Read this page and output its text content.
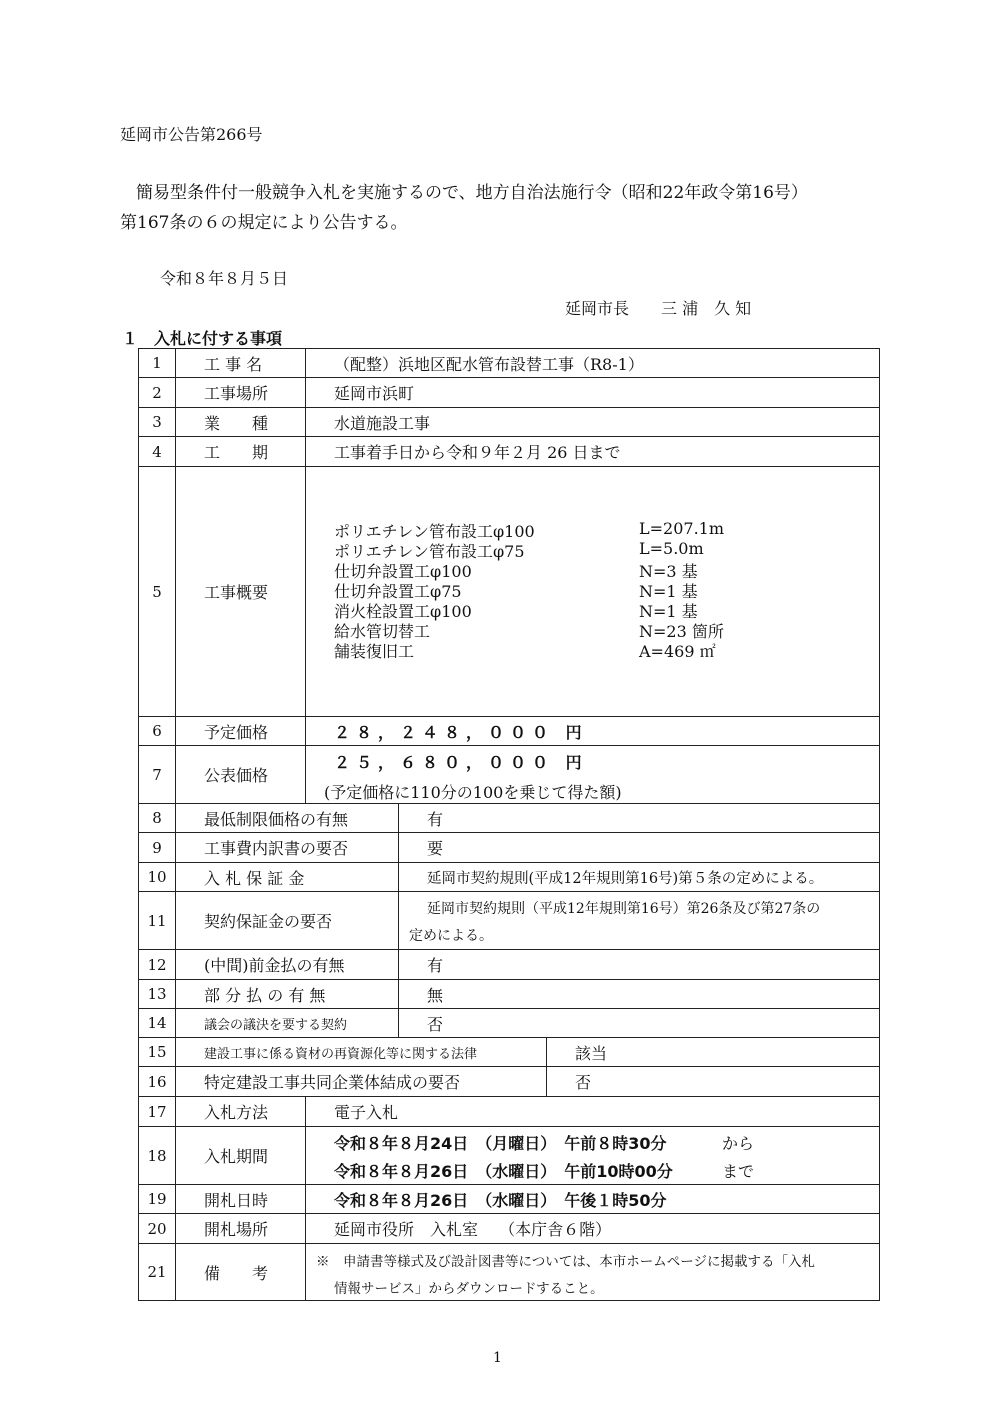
延岡市公告第266号
簡易型条件付一般競争入札を実施するので、地方自治法施行令（昭和22年政令第16号）
第167条の６の規定により公告する。
令和８年８月５日
延岡市長　　三 浦　久 知
１　入札に付する事項
1	工 事 名	（配整）浜地区配水管布設替工事（R8-1）
2	工事場所	延岡市浜町
3	業　　種	水道施設工事
4	工　　期	工事着手日から令和９年２月 26 日まで
5	工事概要
ポリエチレン管布設工φ100	L=207.1m
ポリエチレン管布設工φ75	L=5.0m
仕切弁設置工φ100	N=3 基
仕切弁設置工φ75	N=1 基
消火栓設置工φ100	N=1 基
給水管切替工	N=23 箇所
舗装復旧工	A=469 ㎡
6	予定価格	２８，２４８，０００ 円
7	公表価格
２５，６８０，０００ 円
(予定価格に110分の100を乗じて得た額)
8	最低制限価格の有無	有
9	工事費内訳書の要否	要
10	入 札 保 証 金	延岡市契約規則(平成12年規則第16号)第５条の定めによる。
11	契約保証金の要否
延岡市契約規則（平成12年規則第16号）第26条及び第27条の
定めによる。
12	(中間)前金払の有無	有
13	部 分 払 の 有 無	無
14	議会の議決を要する契約	否
15	建設工事に係る資材の再資源化等に関する法律	該当
16	特定建設工事共同企業体結成の要否	否
17	入札方法	電子入札
18	入札期間
令和８年８月24日　（月曜日）　午前８時30分	から
令和８年８月26日　（水曜日）　午前10時00分	まで
19	開札日時	令和８年８月26日　（水曜日）　午後１時50分
20	開札場所	延岡市役所　入札室　 （本庁舎６階）
21	備　　考
※　申請書等様式及び設計図書等については、本市ホームページに掲載する「入札
情報サービス」からダウンロードすること。
1
